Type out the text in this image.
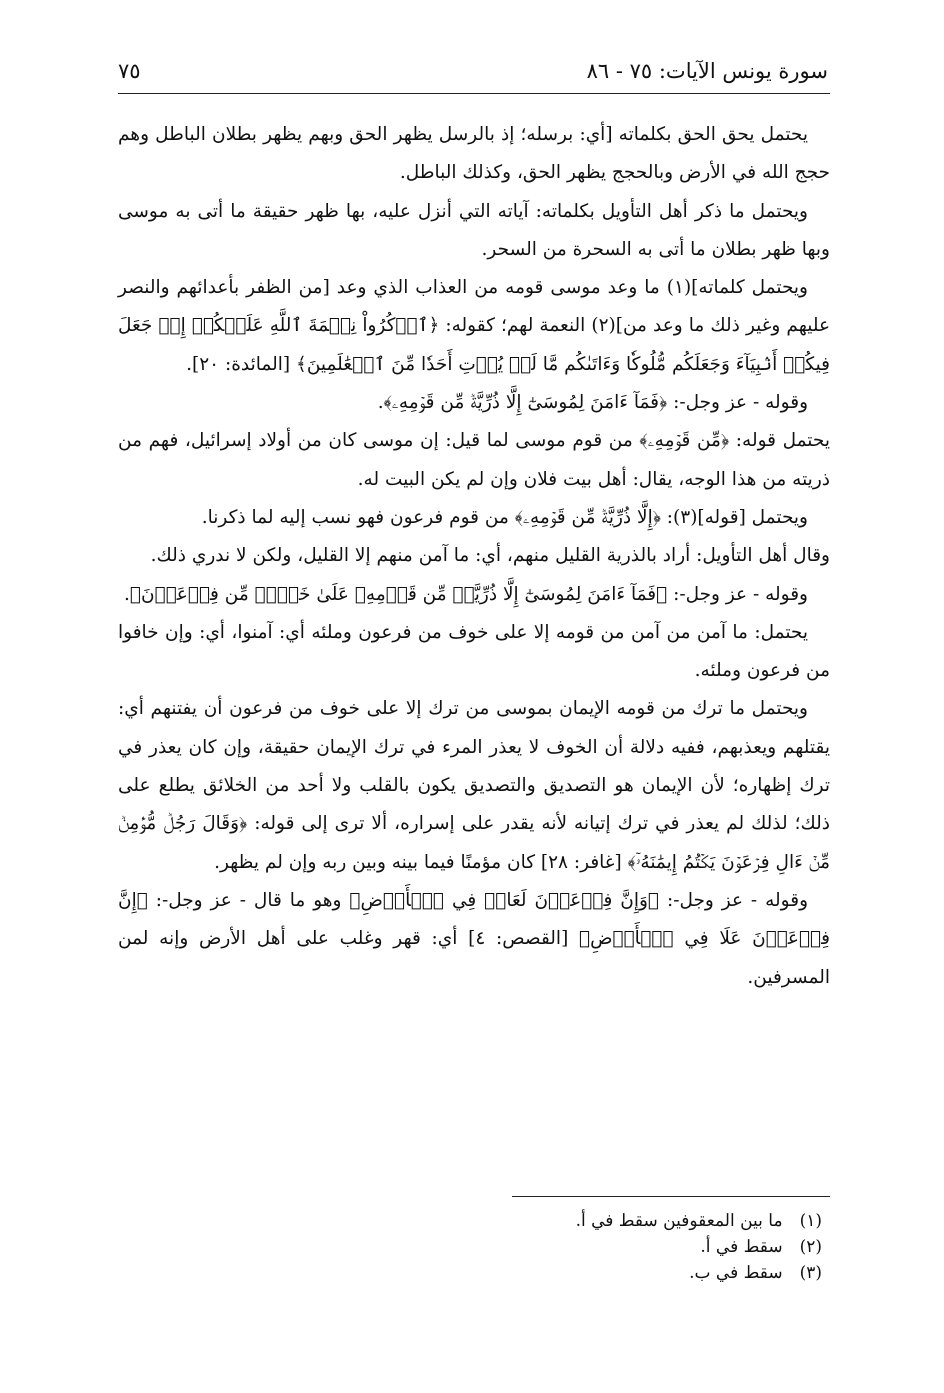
سورة يونس الآيات: ٧٥ - ٨٦
٧٥

يحتمل يحق الحق بكلماته [أي: برسله؛ إذ بالرسل يظهر الحق وبهم يظهر بطلان الباطل وهم حجج الله في الأرض وبالحجج يظهر الحق، وكذلك الباطل.

ويحتمل ما ذكر أهل التأويل بكلماته: آياته التي أنزل عليه، بها ظهر حقيقة ما أتى به موسى وبها ظهر بطلان ما أتى به السحرة من السحر.

ويحتمل كلماته](١) ما وعد موسى قومه من العذاب الذي وعد [من الظفر بأعدائهم والنصر عليهم وغير ذلك ما وعد من](٢) النعمة لهم؛ كقوله: ﴿ٱذۡكُرُواْ نِعۡمَةَ ٱللَّهِ عَلَيۡكُمۡ إِذۡ جَعَلَ فِيكُمۡ أَنۢبِيَآءَ وَجَعَلَكُم مُّلُوكٗا وَءَاتَىٰكُم مَّا لَمۡ يُؤۡتِ أَحَدٗا مِّنَ ٱلۡعَٰلَمِينَ﴾ [المائدة: ٢٠].

وقوله - عز وجل-: ﴿فَمَآ ءَامَنَ لِمُوسَىٰٓ إِلَّا ذُرِّيَّةٞ مِّن قَوۡمِهِۦ﴾.

يحتمل قوله: ﴿مِّن قَوۡمِهِۦ﴾ من قوم موسى لما قيل: إن موسى كان من أولاد إسرائيل، فهم من ذريته من هذا الوجه، يقال: أهل بيت فلان وإن لم يكن البيت له.

ويحتمل [قوله](٣): ﴿إِلَّا ذُرِّيَّةٞ مِّن قَوۡمِهِۦ﴾ من قوم فرعون فهو نسب إليه لما ذكرنا.

وقال أهل التأويل: أراد بالذرية القليل منهم، أي: ما آمن منهم إلا القليل، ولكن لا ندري ذلك.

وقوله - عز وجل-: ﴿فَمَآ ءَامَنَ لِمُوسَىٰٓ إِلَّا ذُرِّيَّةٞ مِّن قَوۡمِهِۦ عَلَىٰ خَوۡفٖ مِّن فِرۡعَوۡنَ﴾.

يحتمل: ما آمن من آمن من قومه إلا على خوف من فرعون وملئه أي: آمنوا، أي: وإن خافوا من فرعون وملئه.

ويحتمل ما ترك من قومه الإيمان بموسى من ترك إلا على خوف من فرعون أن يفتنهم أي: يقتلهم ويعذبهم، ففيه دلالة أن الخوف لا يعذر المرء في ترك الإيمان حقيقة، وإن كان يعذر في ترك إظهاره؛ لأن الإيمان هو التصديق والتصديق يكون بالقلب ولا أحد من الخلائق يطلع على ذلك؛ لذلك لم يعذر في ترك إتيانه لأنه يقدر على إسراره، ألا ترى إلى قوله: ﴿وَقَالَ رَجُلٞ مُّؤۡمِنٞ مِّنۡ ءَالِ فِرۡعَوۡنَ يَكۡتُمُ إِيمَٰنَهُۥٓ﴾ [غافر: ٢٨] كان مؤمنًا فيما بينه وبين ربه وإن لم يظهر.

وقوله - عز وجل-: ﴿وَإِنَّ فِرۡعَوۡنَ لَعَالٖ فِي ٱلۡأَرۡضِ﴾ وهو ما قال - عز وجل-: ﴿إِنَّ فِرۡعَوۡنَ عَلَا فِي ٱلۡأَرۡضِ﴾ [القصص: ٤] أي: قهر وغلب على أهل الأرض وإنه لمن المسرفين.

(١) ما بين المعقوفين سقط في أ.

(٢) سقط في أ.

(٣) سقط في ب.
